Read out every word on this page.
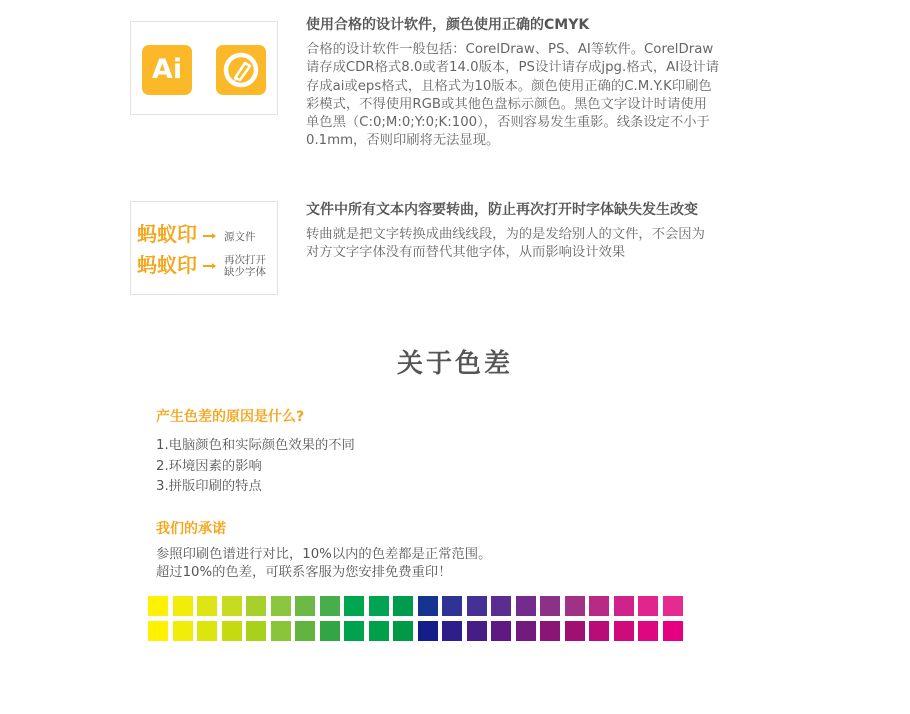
Ai
使用合格的设计软件，颜色使用正确的CMYK
合格的设计软件一般包括：CorelDraw、PS、AI等软件。CorelDraw
请存成CDR格式8.0或者14.0版本，PS设计请存成jpg.格式，AI设计请
存成ai或eps格式，且格式为10版本。颜色使用正确的C.M.Y.K印刷色
彩模式，不得使用RGB或其他色盘标示颜色。黑色文字设计时请使用
单色黑（C:0;M:0;Y:0;K:100），否则容易发生重影。线条设定不小于
0.1mm，否则印刷将无法显现。
蚂蚁印	源文件
蚂蚁印	再次打开
缺少字体
文件中所有文本内容要转曲，防止再次打开时字体缺失发生改变
转曲就是把文字转换成曲线线段，为的是发给别人的文件，不会因为
对方文字字体没有而替代其他字体，从而影响设计效果
关于色差
产生色差的原因是什么?
1.电脑颜色和实际颜色效果的不同
2.环境因素的影响
3.拼版印刷的特点
我们的承诺
参照印刷色谱进行对比，10%以内的色差都是正常范围。
超过10%的色差，可联系客服为您安排免费重印！
